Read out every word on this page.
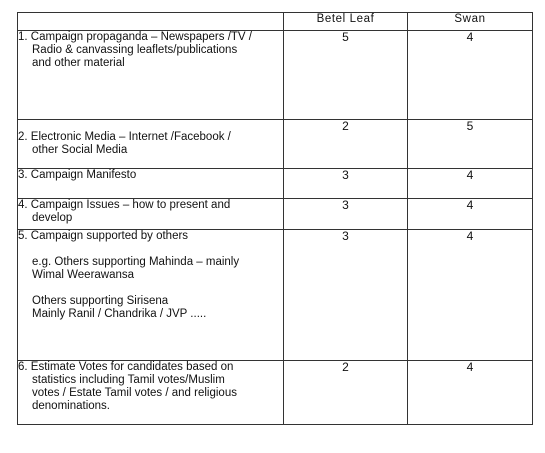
	Betel Leaf	Swan

1. Campaign propaganda – Newspapers /TV /
Radio & canvassing leaflets/publications
and other material	5	4

2. Electronic Media – Internet /Facebook /
other Social Media	2	5

3. Campaign Manifesto	3	4

4. Campaign Issues – how to present and
develop	3	4

5. Campaign supported by others
e.g. Others supporting Mahinda – mainly
Wimal Weerawansa
Others supporting Sirisena
Mainly Ranil / Chandrika / JVP .....	3	4

6. Estimate Votes for candidates based on
statistics including Tamil votes/Muslim
votes / Estate Tamil votes / and religious
denominations.	2	4
